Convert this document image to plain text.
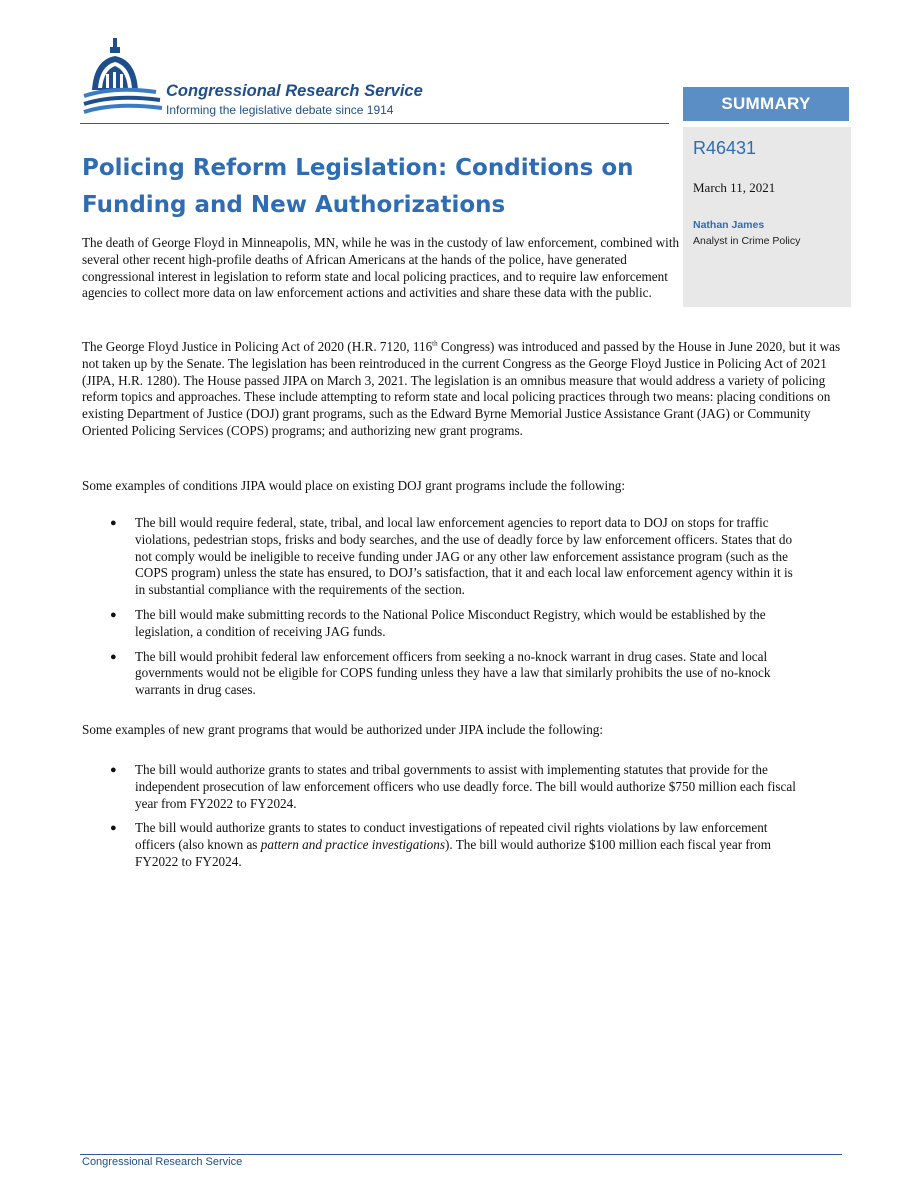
Congressional Research Service

Informing the legislative debate since 1914	SUMMARY

R46431

March 11, 2021

Nathan James

Analyst in Crime Policy

Policing Reform Legislation: Conditions on Funding and New Authorizations

The death of George Floyd in Minneapolis, MN, while he was in the custody of law enforcement, combined with several other recent high-profile deaths of African Americans at the hands of the police, have generated congressional interest in legislation to reform state and local policing practices, and to require law enforcement agencies to collect more data on law enforcement actions and activities and share these data with the public.

The George Floyd Justice in Policing Act of 2020 (H.R. 7120, 116th Congress) was introduced and passed by the House in June 2020, but it was not taken up by the Senate. The legislation has been reintroduced in the current Congress as the George Floyd Justice in Policing Act of 2021 (JIPA, H.R. 1280). The House passed JIPA on March 3, 2021. The legislation is an omnibus measure that would address a variety of policing reform topics and approaches. These include attempting to reform state and local policing practices through two means: placing conditions on existing Department of Justice (DOJ) grant programs, such as the Edward Byrne Memorial Justice Assistance Grant (JAG) or Community Oriented Policing Services (COPS) programs; and authorizing new grant programs.

Some examples of conditions JIPA would place on existing DOJ grant programs include the following:

● The bill would require federal, state, tribal, and local law enforcement agencies to report data to DOJ on stops for traffic violations, pedestrian stops, frisks and body searches, and the use of deadly force by law enforcement officers. States that do not comply would be ineligible to receive funding under JAG or any other law enforcement assistance program (such as the COPS program) unless the state has ensured, to DOJ’s satisfaction, that it and each local law enforcement agency within it is in substantial compliance with the requirements of the section.
● The bill would make submitting records to the National Police Misconduct Registry, which would be established by the legislation, a condition of receiving JAG funds.
● The bill would prohibit federal law enforcement officers from seeking a no-knock warrant in drug cases. State and local governments would not be eligible for COPS funding unless they have a law that similarly prohibits the use of no-knock warrants in drug cases.

Some examples of new grant programs that would be authorized under JIPA include the following:

● The bill would authorize grants to states and tribal governments to assist with implementing statutes that provide for the independent prosecution of law enforcement officers who use deadly force. The bill would authorize $750 million each fiscal year from FY2022 to FY2024.
● The bill would authorize grants to states to conduct investigations of repeated civil rights violations by law enforcement officers (also known as pattern and practice investigations). The bill would authorize $100 million each fiscal year from FY2022 to FY2024.

Congressional Research Service
